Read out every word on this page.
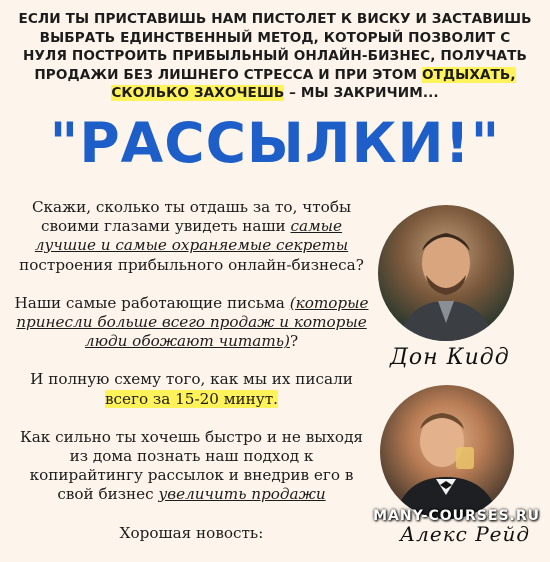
ЕСЛИ ТЫ ПРИСТАВИШЬ НАМ ПИСТОЛЕТ К ВИСКУ И ЗАСТАВИШЬ ВЫБРАТЬ ЕДИНСТВЕННЫЙ МЕТОД, КОТОРЫЙ ПОЗВОЛИТ С НУЛЯ ПОСТРОИТЬ ПРИБЫЛЬНЫЙ ОНЛАЙН-БИЗНЕС, ПОЛУЧАТЬ ПРОДАЖИ БЕЗ ЛИШНЕГО СТРЕССА И ПРИ ЭТОМ ОТДЫХАТЬ, СКОЛЬКО ЗАХОЧЕШЬ – МЫ ЗАКРИЧИМ...
"РАССЫЛКИ!"

Скажи, сколько ты отдашь за то, чтобы своими глазами увидеть наши самые лучшие и самые охраняемые секреты построения прибыльного онлайн-бизнеса?

Наши самые работающие письма (которые принесли больше всего продаж и которые люди обожают читать)?

И полную схему того, как мы их писали всего за 15-20 минут.

Как сильно ты хочешь быстро и не выходя из дома познать наш подход к копирайтингу рассылок и внедрив его в свой бизнес увеличить продажи

Хорошая новость:

Дон Кидд
Алекс Рейд
MANY-COURSES.RU
